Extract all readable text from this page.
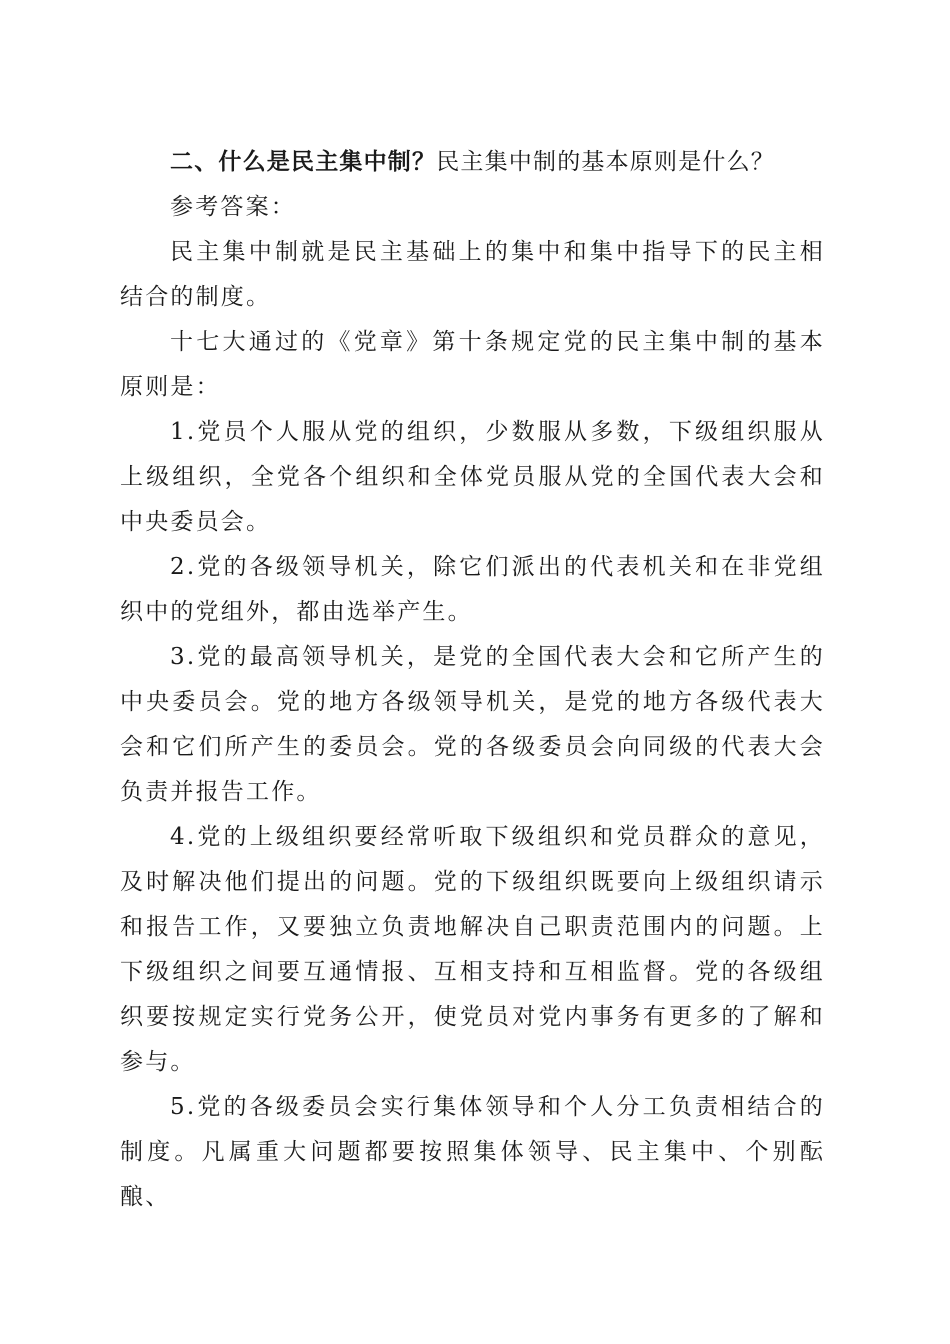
二、什么是民主集中制？民主集中制的基本原则是什么？

参考答案：

民主集中制就是民主基础上的集中和集中指导下的民主相结合的制度。

十七大通过的《党章》第十条规定党的民主集中制的基本原则是：

1.党员个人服从党的组织，少数服从多数，下级组织服从上级组织，全党各个组织和全体党员服从党的全国代表大会和中央委员会。

2.党的各级领导机关，除它们派出的代表机关和在非党组织中的党组外，都由选举产生。

3.党的最高领导机关，是党的全国代表大会和它所产生的中央委员会。党的地方各级领导机关，是党的地方各级代表大会和它们所产生的委员会。党的各级委员会向同级的代表大会负责并报告工作。

4.党的上级组织要经常听取下级组织和党员群众的意见，及时解决他们提出的问题。党的下级组织既要向上级组织请示和报告工作，又要独立负责地解决自己职责范围内的问题。上下级组织之间要互通情报、互相支持和互相监督。党的各级组织要按规定实行党务公开，使党员对党内事务有更多的了解和参与。

5.党的各级委员会实行集体领导和个人分工负责相结合的制度。凡属重大问题都要按照集体领导、民主集中、个别酝酿、
